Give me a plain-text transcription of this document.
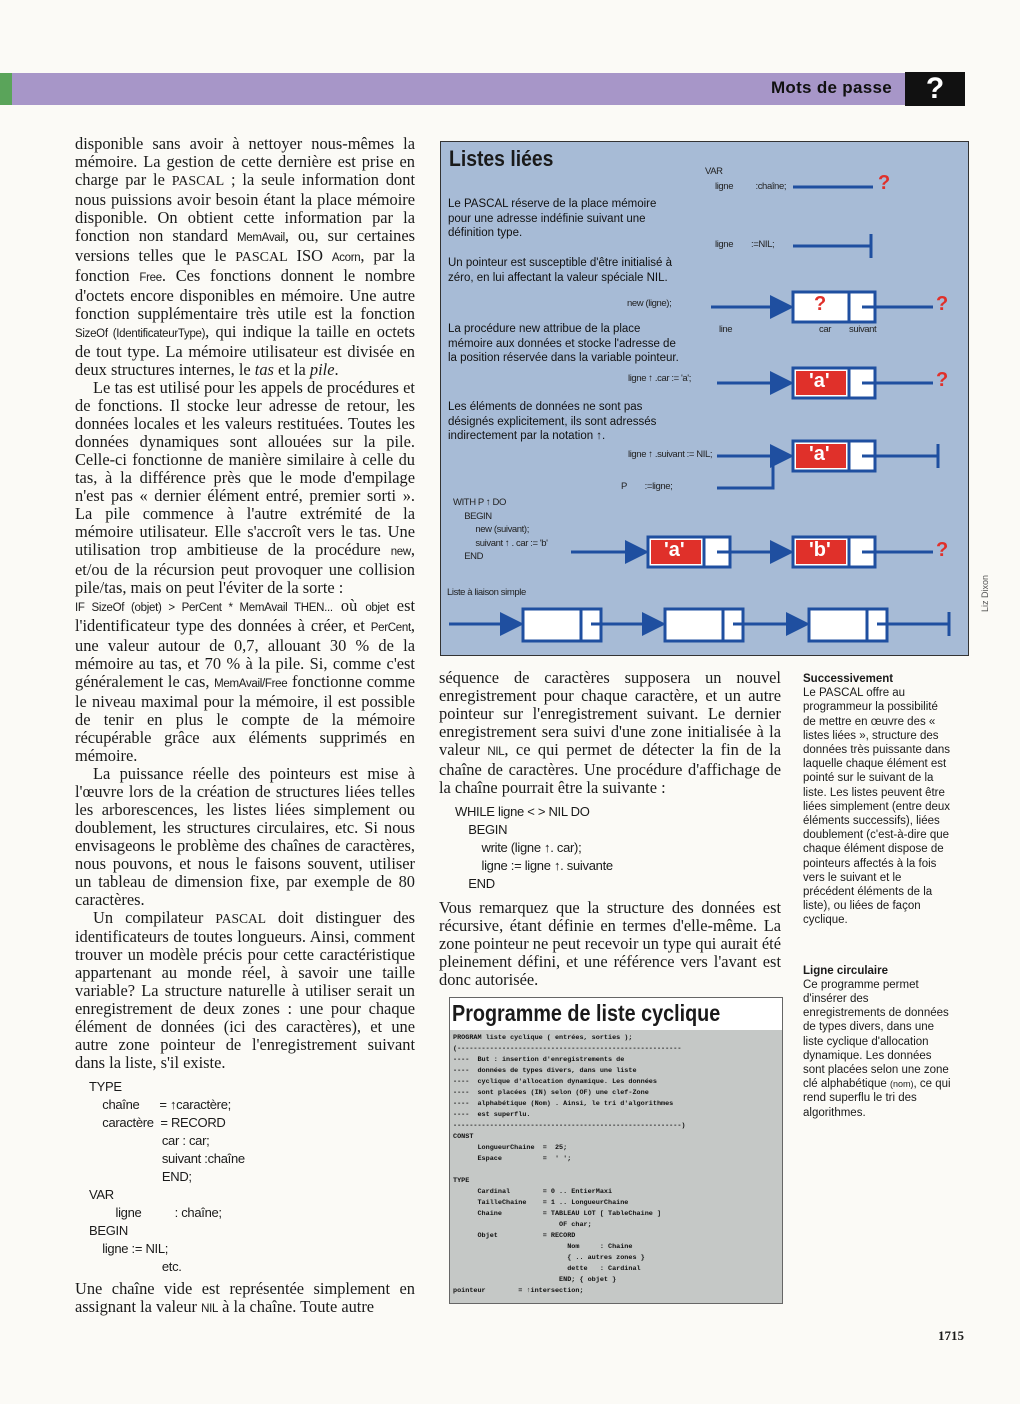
Mots de passe	?

disponible sans avoir à nettoyer nous-mêmes la mémoire. La gestion de cette dernière est prise en charge par le PASCAL ; la seule information dont nous puissions avoir besoin étant la place mémoire disponible. On obtient cette information par la fonction non standard MemAvail, ou, sur certaines versions telles que le PASCAL ISO Acorn, par la fonction Free. Ces fonctions donnent le nombre d'octets encore disponibles en mémoire. Une autre fonction supplémentaire très utile est la fonction SizeOf (IdentificateurType), qui indique la taille en octets de tout type. La mémoire utilisateur est divisée en deux structures internes, le tas et la pile.

Le tas est utilisé pour les appels de procédures et de fonctions. Il stocke leur adresse de retour, les données locales et les valeurs restituées. Toutes les données dynamiques sont allouées sur la pile. Celle-ci fonctionne de manière similaire à celle du tas, à la différence près que le mode d'empilage n'est pas « dernier élément entré, premier sorti ». La pile commence à l'autre extrémité de la mémoire utilisateur. Elle s'accroît vers le tas. Une utilisation trop ambitieuse de la procédure new, et/ou de la récursion peut provoquer une collision pile/tas, mais on peut l'éviter de la sorte :

IF SizeOf (objet) > PerCent * MemAvail THEN... où objet est l'identificateur type des données à créer, et PerCent, une valeur autour de 0,7, allouant 30 % de la mémoire au tas, et 70 % à la pile. Si, comme c'est généralement le cas, MemAvail/Free fonctionne comme le niveau maximal pour la mémoire, il est possible de tenir en plus le compte de la mémoire récupérable grâce aux éléments supprimés en mémoire.

La puissance réelle des pointeurs est mise à l'œuvre lors de la création de structures liées telles les arborescences, les listes liées simplement ou doublement, les structures circulaires, etc. Si nous envisageons le problème des chaînes de caractères, nous pouvons, et nous le faisons souvent, utiliser un tableau de dimension fixe, par exemple de 80 caractères.

Un compilateur PASCAL doit distinguer des identificateurs de toutes longueurs. Ainsi, comment trouver un modèle précis pour cette caractéristique appartenant au monde réel, à savoir une taille variable? La structure naturelle à utiliser serait un enregistrement de deux zones : une pour chaque élément de données (ici des caractères), et une autre zone pointeur de l'enregistrement suivant dans la liste, s'il existe.

TYPE
chaîne      = ↑caractère;
caractère  = RECORD
car : car;
suivant :chaîne
END;
VAR
ligne          : chaîne;
BEGIN
ligne := NIL;
etc.

Une chaîne vide est représentée simplement en assignant la valeur NIL à la chaîne. Toute autre

Listes liées
Le PASCAL réserve de la place mémoire pour une adresse indéfinie suivant une définition type.
Un pointeur est susceptible d'être initialisé à zéro, en lui affectant la valeur spéciale NIL.
La procédure new attribue de la place mémoire aux données et stocke l'adresse de la position réservée dans la variable pointeur.
Les éléments de données ne sont pas désignés explicitement, ils sont adressés indirectement par la notation ↑.
VAR
ligne          :chaîne;
ligne        :=NIL;
new (ligne);
line	car suivant
ligne ↑ .car := 'a';
ligne ↑ .suivant := NIL;
P        :=ligne;
WITH P ↑ DO
BEGIN
new (suivant);
suivant ↑ . car := 'b'
END
Liste à liaison simple
?
?	?
?
?
'a'
'a'
'a'	'b'
Liz Dixon

séquence de caractères supposera un nouvel enregistrement pour chaque caractère, et un autre pointeur sur l'enregistrement suivant. Le dernier enregistrement sera suivi d'une zone initialisée à la valeur NIL, ce qui permet de détecter la fin de la chaîne de caractères. Une procédure d'affichage de la chaîne pourrait être la suivante :

WHILE ligne < > NIL DO
BEGIN
write (ligne ↑. car);
ligne := ligne ↑. suivante
END

Vous remarquez que la structure des données est récursive, étant définie en termes d'elle-même. La zone pointeur ne peut recevoir un type qui aurait été pleinement défini, et une référence vers l'avant est donc autorisée.

Programme de liste cyclique
PROGRAM liste cyclique ( entrées, sorties );
(-------------------------------------------------------
----  But : insertion d'enregistrements de
----  données de types divers, dans une liste
----  cyclique d'allocation dynamique. Les données
----  sont placées (IN) selon (OF) une clef-Zone
----  alphabétique (Nom) . Ainsi, le tri d'algorithmes
----  est superflu.
--------------------------------------------------------)
CONST
LongueurChaine  =  25;
Espace          =  ' ';

TYPE
Cardinal        = 0 .. EntierMaxi
TailleChaine    = 1 .. LongueurChaine
Chaine          = TABLEAU LOT [ TableChaine ]
OF char;
Objet           = RECORD
Nom     : Chaine
{ .. autres zones }
dette   : Cardinal
END; { objet }
pointeur        = ↑intersection;
Successivement
Le PASCAL offre au programmeur la possibilité de mettre en œuvre des « listes liées », structure des données très puissante dans laquelle chaque élément est pointé sur le suivant de la liste. Les listes peuvent être liées simplement (entre deux éléments successifs), liées doublement (c'est-à-dire que chaque élément dispose de pointeurs affectés à la fois vers le suivant et le précédent éléments de la liste), ou liées de façon cyclique.
Ligne circulaire
Ce programme permet d'insérer des enregistrements de données de types divers, dans une liste cyclique d'allocation dynamique. Les données sont placées selon une zone clé alphabétique (nom), ce qui rend superflu le tri des algorithmes.
1715
